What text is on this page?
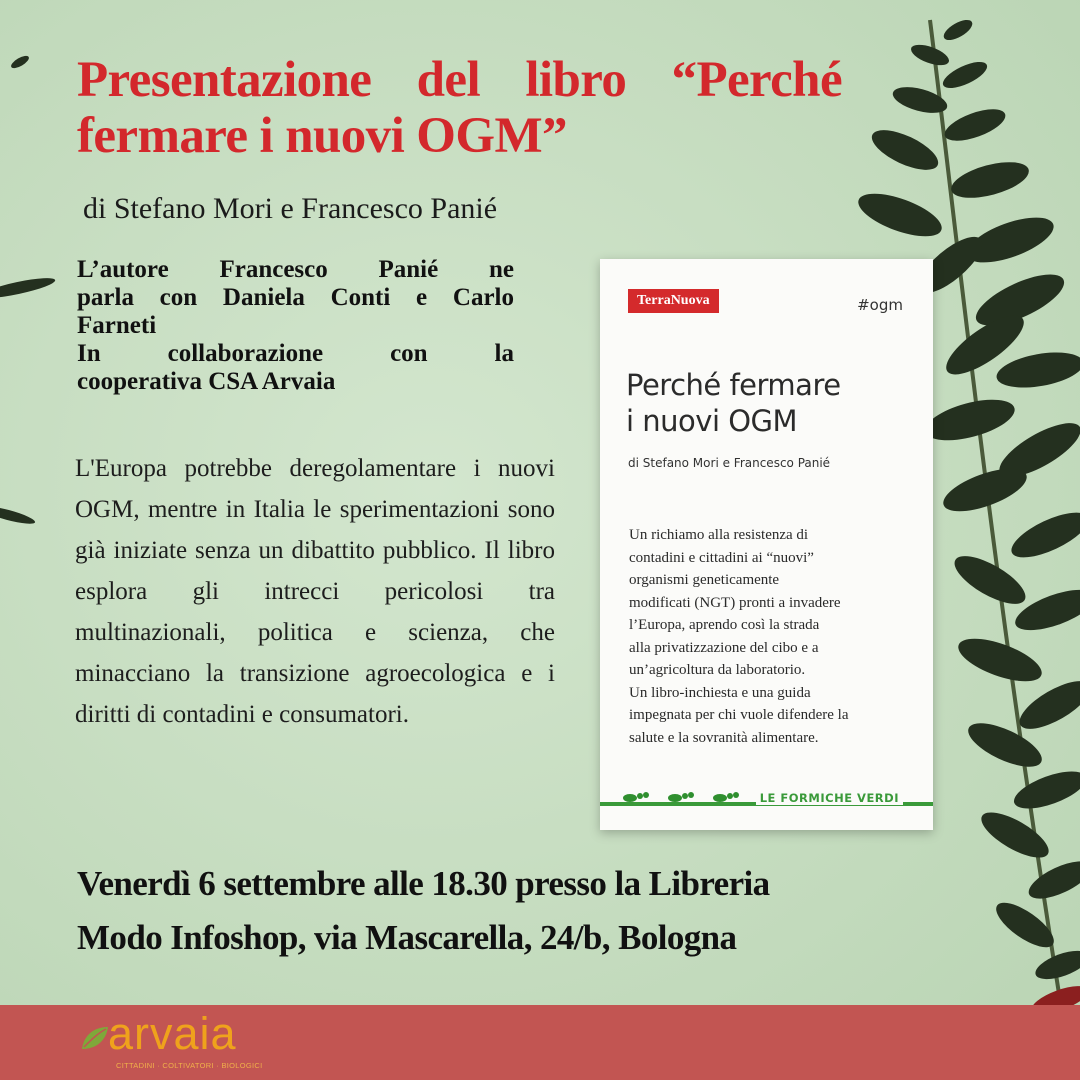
Presentazione del libro “Perché fermare i nuovi OGM”
di Stefano Mori e Francesco Panié
L’autore Francesco Panié ne
parla con Daniela Conti e Carlo
Farneti
In collaborazione con la
cooperativa CSA Arvaia
L'Europa potrebbe deregolamentare i nuovi OGM, mentre in Italia le sperimentazioni sono già iniziate senza un dibattito pubblico. Il libro esplora gli intrecci pericolosi tra multinazionali, politica e scienza, che minacciano la transizione agroecologica e i diritti di contadini e consumatori.
Venerdì 6 settembre alle 18.30 presso la Libreria
Modo Infoshop, via Mascarella, 24/b, Bologna
TerraNuova	#ogm
Perché fermare
i nuovi OGM
di Stefano Mori e Francesco Panié
Un richiamo alla resistenza di
contadini e cittadini ai “nuovi”
organismi geneticamente
modificati (NGT) pronti a invadere
l’Europa, aprendo così la strada
alla privatizzazione del cibo e a
un’agricoltura da laboratorio.
Un libro-inchiesta e una guida
impegnata per chi vuole difendere la
salute e la sovranità alimentare.
LE FORMICHE VERDI
arvaia
CITTADINI · COLTIVATORI · BIOLOGICI
